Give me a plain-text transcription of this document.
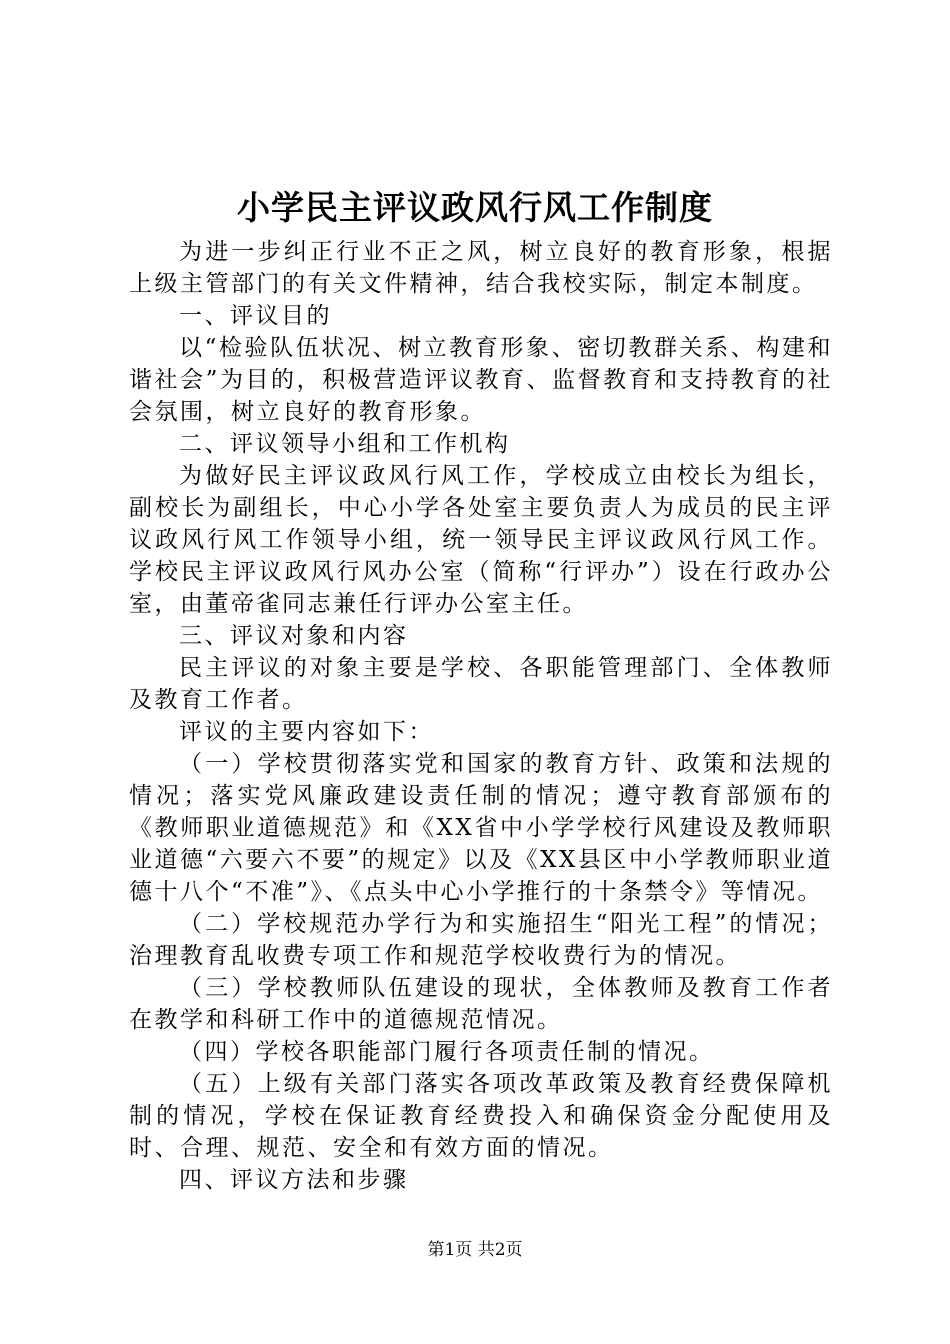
小学民主评议政风行风工作制度

为进一步纠正行业不正之风，树立良好的教育形象，根据上级主管部门的有关文件精神，结合我校实际，制定本制度。

一、评议目的

以“检验队伍状况、树立教育形象、密切教群关系、构建和谐社会”为目的，积极营造评议教育、监督教育和支持教育的社会氛围，树立良好的教育形象。

二、评议领导小组和工作机构

为做好民主评议政风行风工作，学校成立由校长为组长，副校长为副组长，中心小学各处室主要负责人为成员的民主评议政风行风工作领导小组，统一领导民主评议政风行风工作。学校民主评议政风行风办公室（简称“行评办”）设在行政办公室，由董帝雀同志兼任行评办公室主任。

三、评议对象和内容

民主评议的对象主要是学校、各职能管理部门、全体教师及教育工作者。

评议的主要内容如下：

（一）学校贯彻落实党和国家的教育方针、政策和法规的情况；落实党风廉政建设责任制的情况；遵守教育部颁布的《教师职业道德规范》和《XX省中小学学校行风建设及教师职业道德“六要六不要”的规定》以及《XX县区中小学教师职业道德十八个“不准”》、《点头中心小学推行的十条禁令》等情况。

（二）学校规范办学行为和实施招生“阳光工程”的情况；治理教育乱收费专项工作和规范学校收费行为的情况。

（三）学校教师队伍建设的现状，全体教师及教育工作者在教学和科研工作中的道德规范情况。

（四）学校各职能部门履行各项责任制的情况。

（五）上级有关部门落实各项改革政策及教育经费保障机制的情况，学校在保证教育经费投入和确保资金分配使用及时、合理、规范、安全和有效方面的情况。

四、评议方法和步骤

第1页 共2页
